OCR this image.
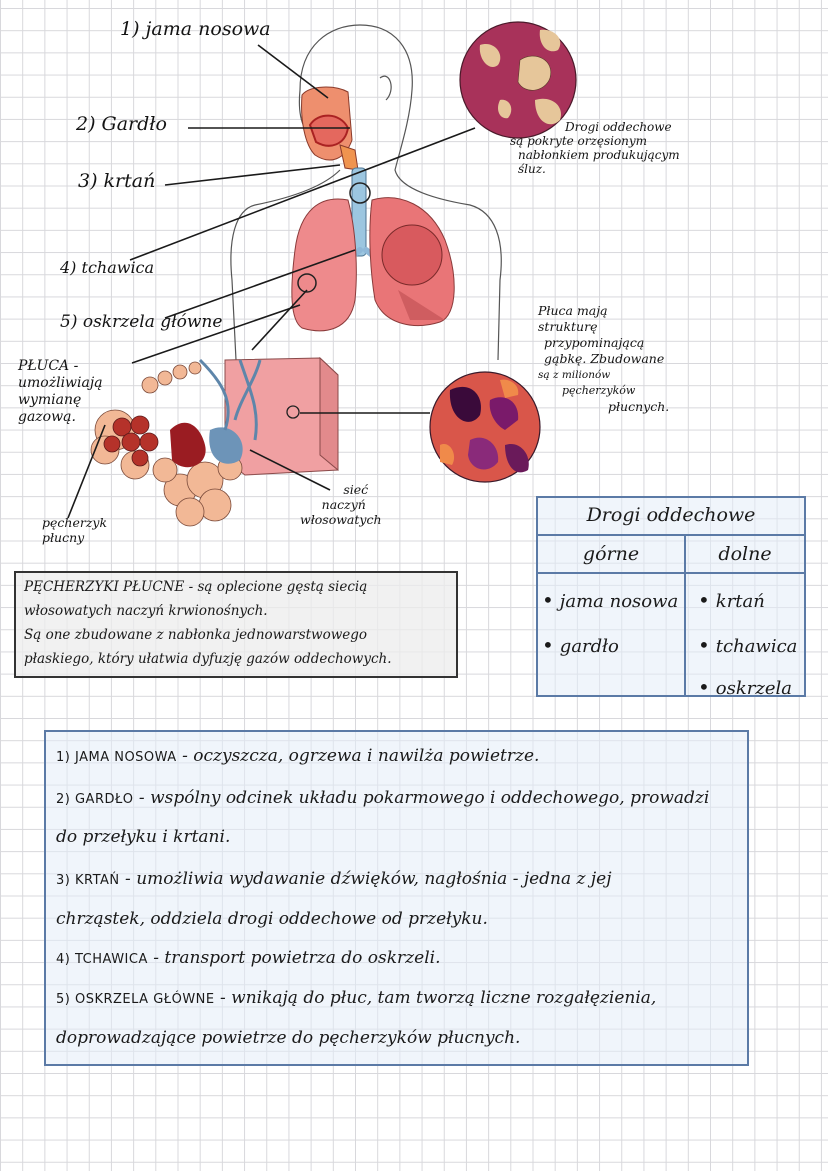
1) jama nosowa
2) Gardło
3) krtań
4) tchawica
5) oskrzela główne
PŁUCA -
umożliwiają
wymianę
gazową.
pęcherzyk
płucny
sieć
naczyń
włosowatych
Drogi oddechowe
są pokryte orzęsionym
nabłonkiem produkującym
śluz.
Płuca mają
strukturę
przypominającą
gąbkę. Zbudowane
są z milionów
pęcherzyków
płucnych.
PĘCHERZYKI PŁUCNE - są oplecione gęstą siecią
włosowatych naczyń krwionośnych.
Są one zbudowane z nabłonka jednowarstwowego
płaskiego, który ułatwia dyfuzję gazów oddechowych.
Drogi oddechowe
górne	dolne
• jama nosowa
• gardło
• krtań
• tchawica
• oskrzela
1) JAMA NOSOWA - oczyszcza, ogrzewa i nawilża powietrze.
2) GARDŁO - wspólny odcinek układu pokarmowego i oddechowego, prowadzi
do przełyku i krtani.
3) KRTAŃ - umożliwia wydawanie dźwięków, nagłośnia - jedna z jej
chrząstek, oddziela drogi oddechowe od przełyku.
4) TCHAWICA - transport powietrza do oskrzeli.
5) OSKRZELA GŁÓWNE - wnikają do płuc, tam tworzą liczne rozgałęzienia,
doprowadzające powietrze do pęcherzyków płucnych.
